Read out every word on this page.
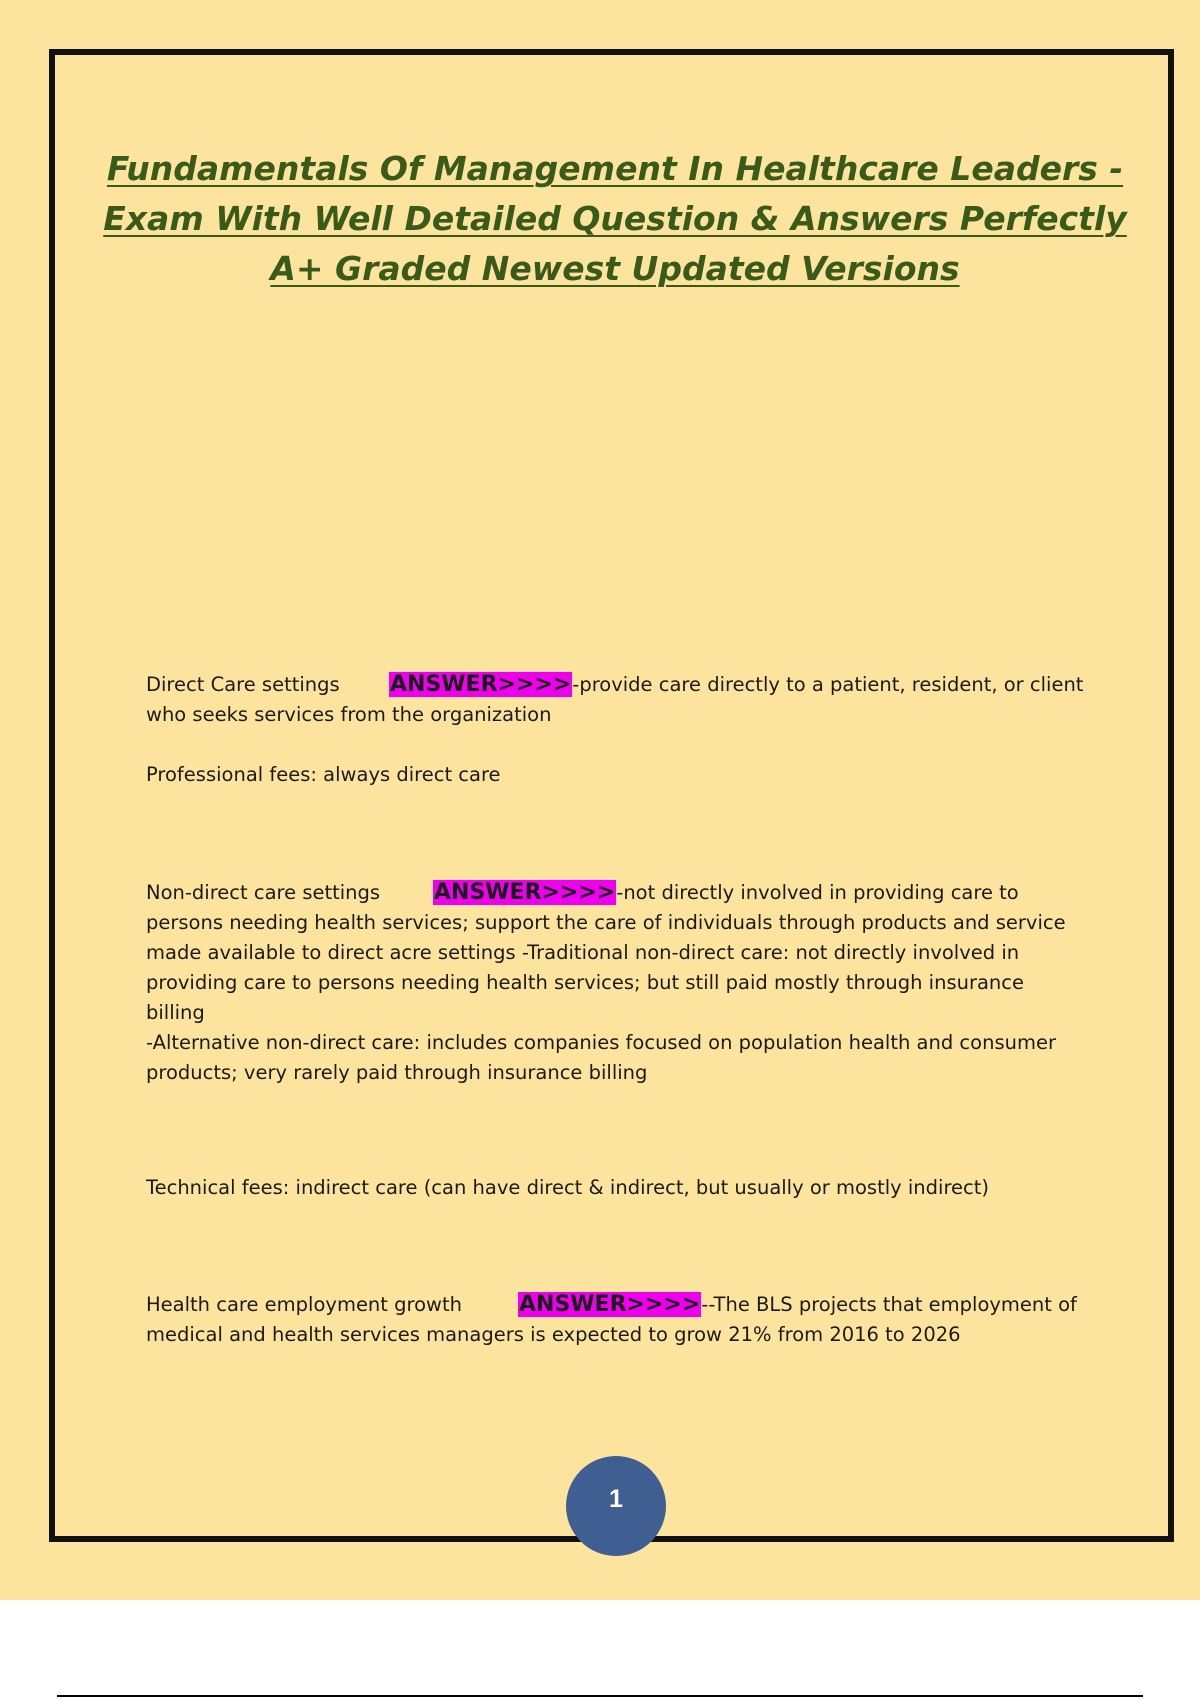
Fundamentals Of Management In Healthcare Leaders - Exam With Well Detailed Question & Answers Perfectly A+ Graded Newest Updated Versions
Direct Care settings ANSWER>>>>-provide care directly to a patient, resident, or client who seeks services from the organization
Professional fees: always direct care
Non-direct care settings ANSWER>>>>-not directly involved in providing care to persons needing health services; support the care of individuals through products and service made available to direct acre settings -Traditional non-direct care: not directly involved in providing care to persons needing health services; but still paid mostly through insurance billing
-Alternative non-direct care: includes companies focused on population health and consumer products; very rarely paid through insurance billing
Technical fees: indirect care (can have direct & indirect, but usually or mostly indirect)
Health care employment growth	ANSWER>>>>--The BLS projects that employment of medical and health services managers is expected to grow 21% from 2016 to 2026
1
